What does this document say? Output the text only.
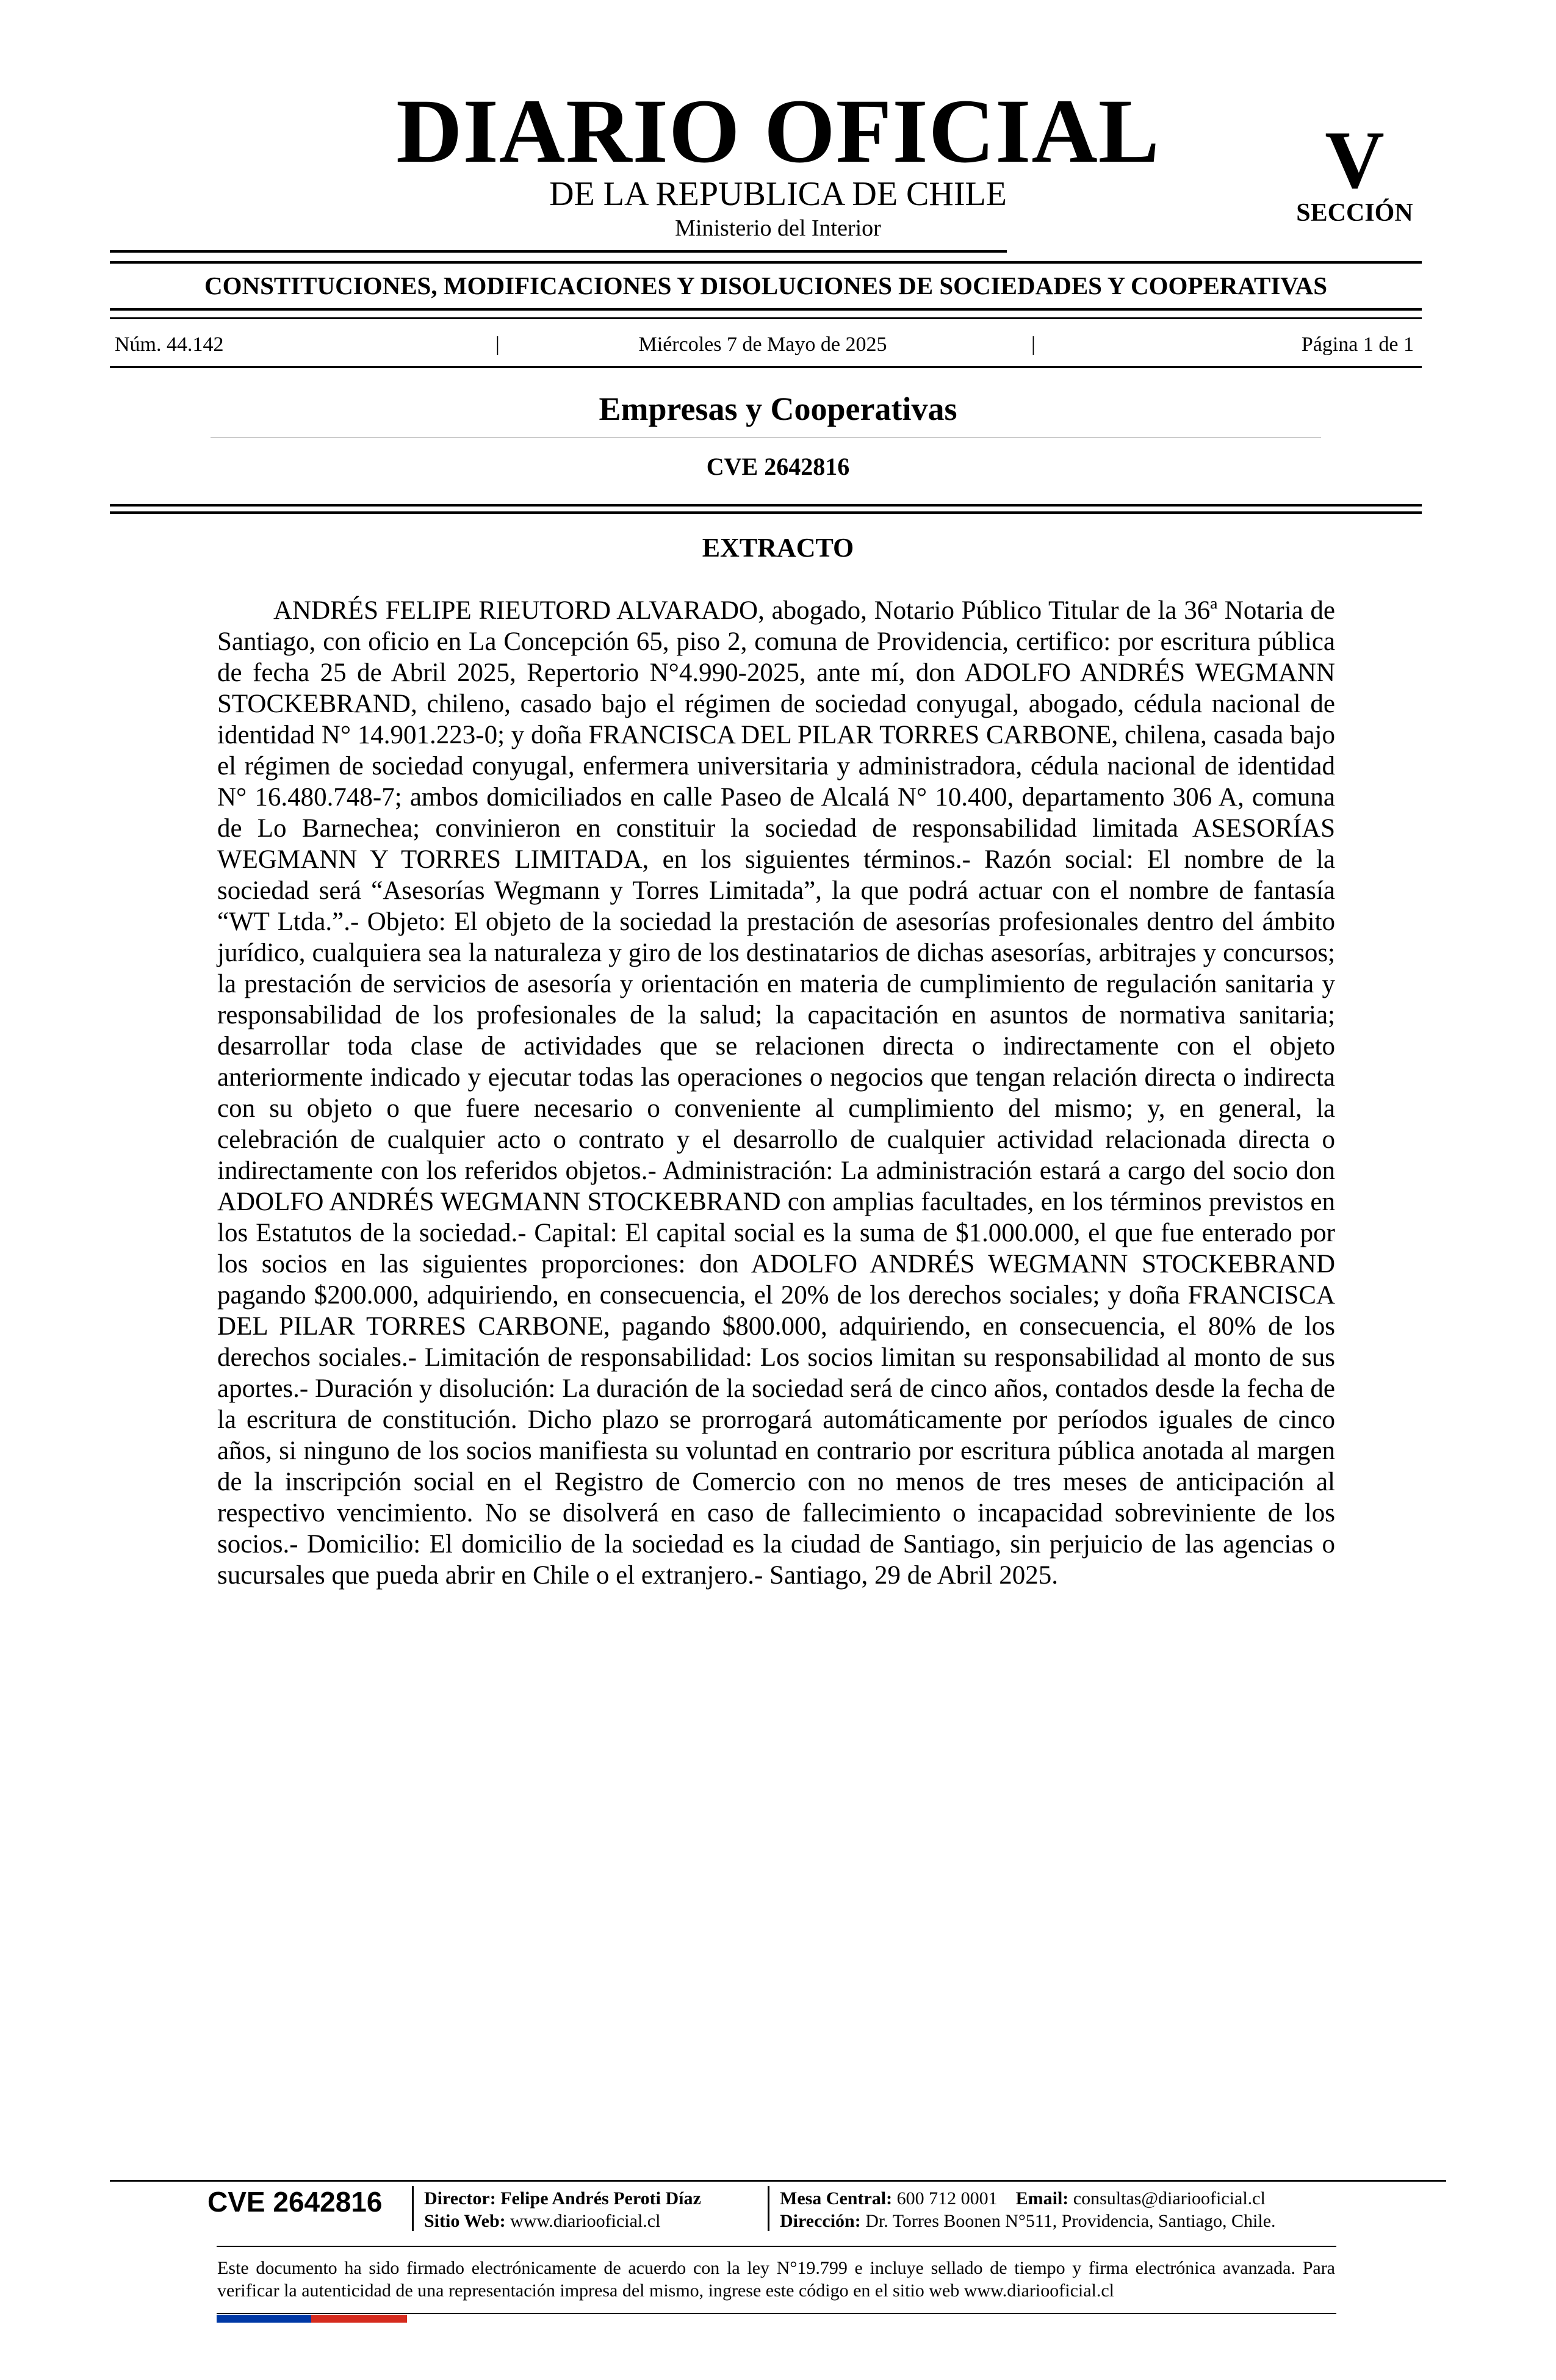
DIARIO OFICIAL
DE LA REPUBLICA DE CHILE
Ministerio del Interior
V
SECCIÓN
CONSTITUCIONES, MODIFICACIONES Y DISOLUCIONES DE SOCIEDADES Y COOPERATIVAS
Núm. 44.142	|	Miércoles 7 de Mayo de 2025	|	Página 1 de 1
Empresas y Cooperativas
CVE 2642816
EXTRACTO
ANDRÉS FELIPE RIEUTORD ALVARADO, abogado, Notario Público Titular de la 36ª Notaria de Santiago, con oficio en La Concepción 65, piso 2, comuna de Providencia, certifico: por escritura pública de fecha 25 de Abril 2025, Repertorio N°4.990-2025, ante mí, don ADOLFO ANDRÉS WEGMANN STOCKEBRAND, chileno, casado bajo el régimen de sociedad conyugal, abogado, cédula nacional de identidad N° 14.901.223-0; y doña FRANCISCA DEL PILAR TORRES CARBONE, chilena, casada bajo el régimen de sociedad conyugal, enfermera universitaria y administradora, cédula nacional de identidad N° 16.480.748-7; ambos domiciliados en calle Paseo de Alcalá N° 10.400, departamento 306 A, comuna de Lo Barnechea; convinieron en constituir la sociedad de responsabilidad limitada ASESORÍAS WEGMANN Y TORRES LIMITADA, en los siguientes términos.- Razón social: El nombre de la sociedad será “Asesorías Wegmann y Torres Limitada”, la que podrá actuar con el nombre de fantasía “WT Ltda.”.- Objeto: El objeto de la sociedad la prestación de asesorías profesionales dentro del ámbito jurídico, cualquiera sea la naturaleza y giro de los destinatarios de dichas asesorías, arbitrajes y concursos; la prestación de servicios de asesoría y orientación en materia de cumplimiento de regulación sanitaria y responsabilidad de los profesionales de la salud; la capacitación en asuntos de normativa sanitaria; desarrollar toda clase de actividades que se relacionen directa o indirectamente con el objeto anteriormente indicado y ejecutar todas las operaciones o negocios que tengan relación directa o indirecta con su objeto o que fuere necesario o conveniente al cumplimiento del mismo; y, en general, la celebración de cualquier acto o contrato y el desarrollo de cualquier actividad relacionada directa o indirectamente con los referidos objetos.- Administración: La administración estará a cargo del socio don ADOLFO ANDRÉS WEGMANN STOCKEBRAND con amplias facultades, en los términos previstos en los Estatutos de la sociedad.- Capital: El capital social es la suma de $1.000.000, el que fue enterado por los socios en las siguientes proporciones: don ADOLFO ANDRÉS WEGMANN STOCKEBRAND pagando $200.000, adquiriendo, en consecuencia, el 20% de los derechos sociales; y doña FRANCISCA DEL PILAR TORRES CARBONE, pagando $800.000, adquiriendo, en consecuencia, el 80% de los derechos sociales.- Limitación de responsabilidad: Los socios limitan su responsabilidad al monto de sus aportes.- Duración y disolución: La duración de la sociedad será de cinco años, contados desde la fecha de la escritura de constitución. Dicho plazo se prorrogará automáticamente por períodos iguales de cinco años, si ninguno de los socios manifiesta su voluntad en contrario por escritura pública anotada al margen de la inscripción social en el Registro de Comercio con no menos de tres meses de anticipación al respectivo vencimiento. No se disolverá en caso de fallecimiento o incapacidad sobreviniente de los socios.- Domicilio: El domicilio de la sociedad es la ciudad de Santiago, sin perjuicio de las agencias o sucursales que pueda abrir en Chile o el extranjero.- Santiago, 29 de Abril 2025.
CVE 2642816	Director: Felipe Andrés Peroti Díaz
Sitio Web: www.diariooficial.cl
Mesa Central: 600 712 0001 Email: consultas@diariooficial.cl
Dirección: Dr. Torres Boonen N°511, Providencia, Santiago, Chile.
Este documento ha sido firmado electrónicamente de acuerdo con la ley N°19.799 e incluye sellado de tiempo y firma electrónica avanzada. Para verificar la autenticidad de una representación impresa del mismo, ingrese este código en el sitio web www.diariooficial.cl
